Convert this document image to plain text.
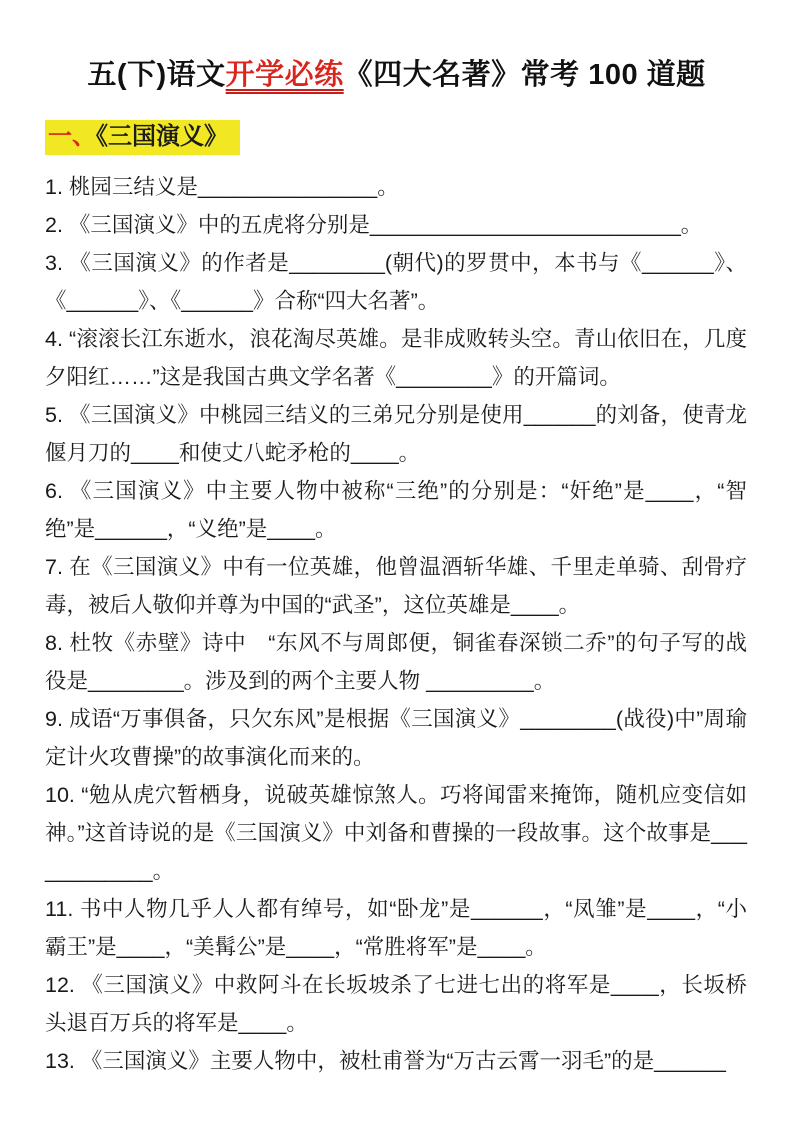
五(下)语文开学必练《四大名著》常考 100 道题
一、《三国演义》

1. 桃园三结义是_______________。

2. 《三国演义》中的五虎将分别是__________________________。

3. 《三国演义》的作者是________(朝代)的罗贯中，本书与《______》、《______》、《______》合称“四大名著”。

4. “滚滚长江东逝水，浪花淘尽英雄。是非成败转头空。青山依旧在，几度夕阳红……”这是我国古典文学名著《________》的开篇词。

5. 《三国演义》中桃园三结义的三弟兄分别是使用______的刘备，使青龙偃月刀的____和使丈八蛇矛枪的____。

6. 《三国演义》中主要人物中被称“三绝”的分别是：“奸绝”是____，“智绝”是______，“义绝”是____。

7. 在《三国演义》中有一位英雄，他曾温酒斩华雄、千里走单骑、刮骨疗毒，被后人敬仰并尊为中国的“武圣”，这位英雄是____。

8. 杜牧《赤壁》诗中　“东风不与周郎便，铜雀春深锁二乔”的句子写的战役是________。涉及到的两个主要人物 _________。

9. 成语“万事俱备，只欠东风”是根据《三国演义》________(战役)中”周瑜定计火攻曹操”的故事演化而来的。

10. “勉从虎穴暂栖身，说破英雄惊煞人。巧将闻雷来掩饰，随机应变信如神。”这首诗说的是《三国演义》中刘备和曹操的一段故事。这个故事是____________。

11. 书中人物几乎人人都有绰号，如“卧龙”是______，“凤雏”是____，“小霸王”是____，“美髯公”是____，“常胜将军”是____。

12. 《三国演义》中救阿斗在长坂坡杀了七进七出的将军是____，长坂桥头退百万兵的将军是____。

13. 《三国演义》主要人物中，被杜甫誉为“万古云霄一羽毛”的是______
